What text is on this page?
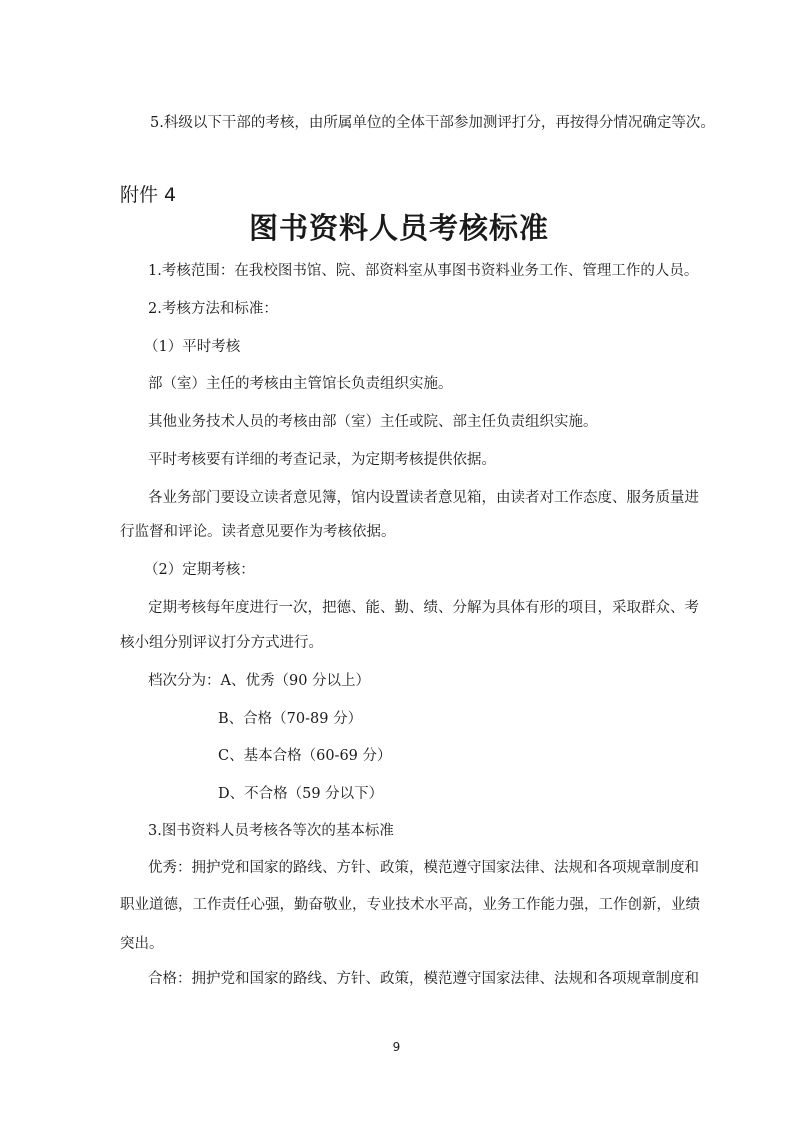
5.科级以下干部的考核，由所属单位的全体干部参加测评打分，再按得分情况确定等次。
附件 4
图书资料人员考核标准
1.考核范围：在我校图书馆、院、部资料室从事图书资料业务工作、管理工作的人员。
2.考核方法和标准：
（1）平时考核
部（室）主任的考核由主管馆长负责组织实施。
其他业务技术人员的考核由部（室）主任或院、部主任负责组织实施。
平时考核要有详细的考查记录，为定期考核提供依据。
各业务部门要设立读者意见簿，馆内设置读者意见箱，由读者对工作态度、服务质量进
行监督和评论。读者意见要作为考核依据。
（2）定期考核：
定期考核每年度进行一次，把德、能、勤、绩、分解为具体有形的项目，采取群众、考
核小组分别评议打分方式进行。
档次分为：A、优秀（90 分以上）
B、合格（70-89 分）
C、基本合格（60-69 分）
D、不合格（59 分以下）
3.图书资料人员考核各等次的基本标准
优秀：拥护党和国家的路线、方针、政策，模范遵守国家法律、法规和各项规章制度和
职业道德，工作责任心强，勤奋敬业，专业技术水平高，业务工作能力强，工作创新，业绩
突出。
合格：拥护党和国家的路线、方针、政策，模范遵守国家法律、法规和各项规章制度和
9
